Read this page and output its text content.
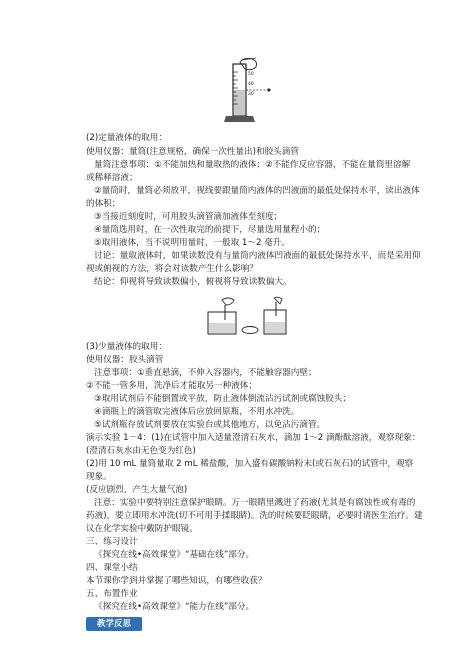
50
40
30
(2)定量液体的取用：
使用仪器：量筒(注意规格，确保一次性量出)和胶头滴管
量筒注意事项：①不能加热和量取热的液体；②不能作反应容器，不能在量筒里溶解
或稀释溶液；
②量筒时，量筒必须放平，视线要跟量筒内液体的凹液面的最低处保持水平，读出液体
的体积；
③当接近刻度时，可用胶头滴管滴加液体至刻度；
④量筒选用时，在一次性取完的前提下，尽量选用量程小的；
⑤取用液体，当不说明用量时，一般取 1～2 毫升。
讨论：量取液体时，如果读数没有与量筒内液体凹液面的最低处保持水平，而是采用仰
视或俯视的方法，将会对读数产生什么影响？
结论：仰视将导致读数偏小，俯视将导致读数偏大。
(3)少量液体的取用：
使用仪器：胶头滴管
注意事项：①垂直悬滴，不伸入容器内，不能触容器内壁；
②不能一管多用，洗净后才能取另一种液体；
③取用试剂后不能倒置或平放，防止液体倒流沾污试剂或腐蚀胶头；
④滴瓶上的滴管取完液体后应放回原瓶，不用水冲洗。
⑤试剂瓶存放试剂要放在实验台或其他地方，以免沾污滴管。
演示实验 1－4：(1)在试管中加入适量澄清石灰水，滴加 1～2 滴酚酞溶液，观察现象：
(澄清石灰水由无色变为红色)
(2)用 10 mL 量筒量取 2 mL 稀盐酸，加入盛有碳酸钠粉末(或石灰石)的试管中，观察
现象。
(反应剧烈，产生大量气泡)
注意：实验中要特别注意保护眼睛。万一眼睛里溅进了药液(尤其是有腐蚀性或有毒的
药液)，要立即用水冲洗(切不可用手揉眼睛)。洗的时候要眨眼睛，必要时请医生治疗。建
议在化学实验中戴防护眼镜。
三、练习设计
《探究在线•高效课堂》“基础在线”部分。
四、课堂小结
本节课你学到并掌握了哪些知识，有哪些收获？
五、布置作业
《探究在线•高效课堂》“能力在线”部分。
教学反思
